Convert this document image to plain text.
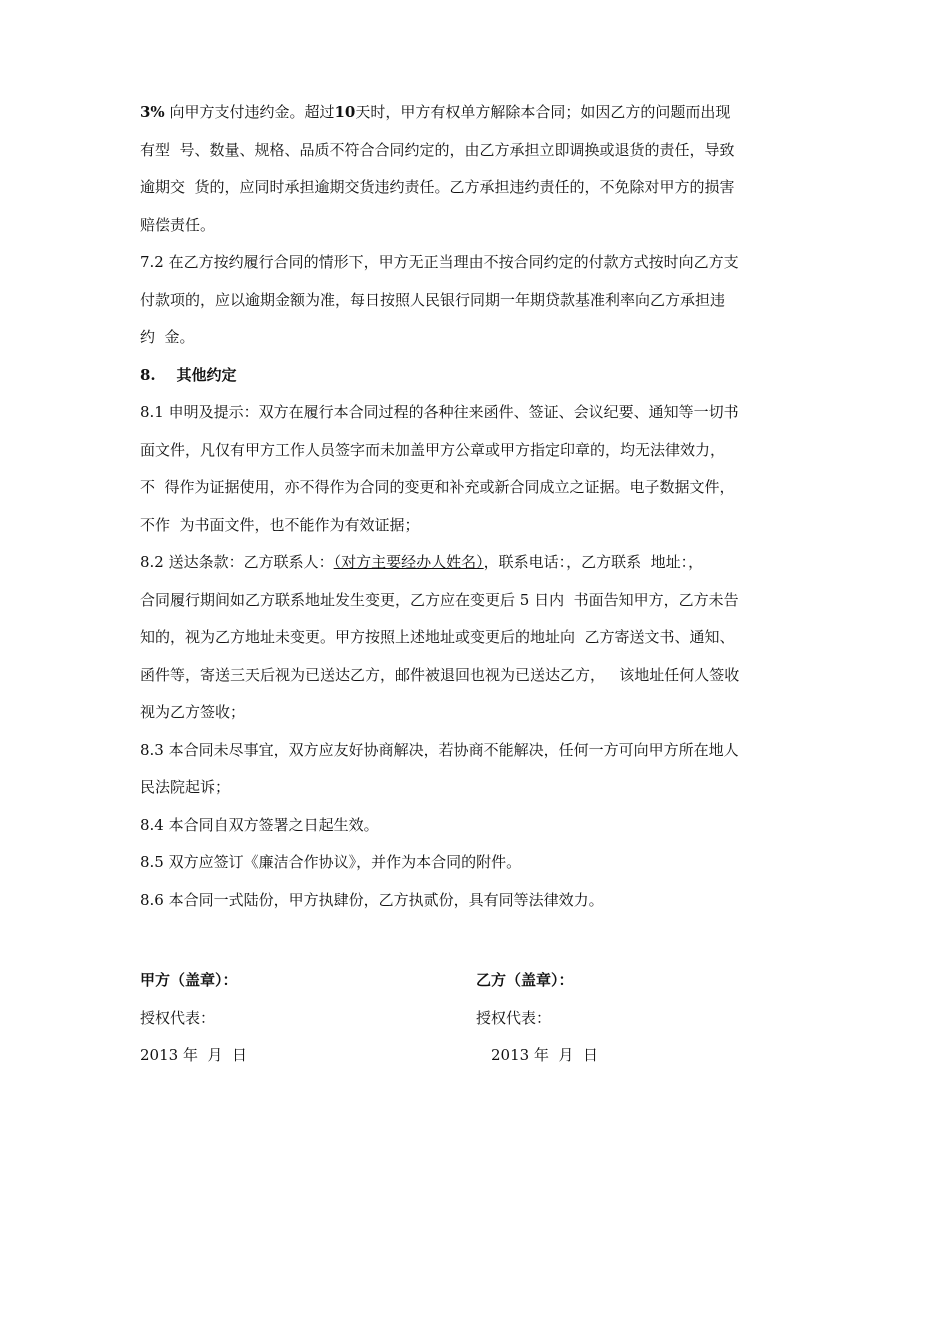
3% 向甲方支付违约金。超过10天时，甲方有权单方解除本合同；如因乙方的问题而出现
有型  号、数量、规格、品质不符合合同约定的，由乙方承担立即调换或退货的责任，导致
逾期交  货的，应同时承担逾期交货违约责任。乙方承担违约责任的，不免除对甲方的损害
赔偿责任。
7.2 在乙方按约履行合同的情形下，甲方无正当理由不按合同约定的付款方式按时向乙方支
付款项的，应以逾期金额为准，每日按照人民银行同期一年期贷款基准利率向乙方承担违
约  金。
8.    其他约定
8.1 申明及提示：双方在履行本合同过程的各种往来函件、签证、会议纪要、通知等一切书
面文件，凡仅有甲方工作人员签字而未加盖甲方公章或甲方指定印章的，均无法律效力，
不  得作为证据使用，亦不得作为合同的变更和补充或新合同成立之证据。电子数据文件，
不作  为书面文件，也不能作为有效证据；
8.2 送达条款：乙方联系人：（对方主要经办人姓名），联系电话：，乙方联系  地址：，
合同履行期间如乙方联系地址发生变更，乙方应在变更后 5 日内  书面告知甲方，乙方未告
知的，视为乙方地址未变更。甲方按照上述地址或变更后的地址向  乙方寄送文书、通知、
函件等，寄送三天后视为已送达乙方，邮件被退回也视为已送达乙方，   该地址任何人签收
视为乙方签收；
8.3 本合同未尽事宜，双方应友好协商解决，若协商不能解决，任何一方可向甲方所在地人
民法院起诉；
8.4 本合同自双方签署之日起生效。
8.5 双方应签订《廉洁合作协议》，并作为本合同的附件。
8.6 本合同一式陆份，甲方执肆份，乙方执贰份，具有同等法律效力。
甲方（盖章）：
授权代表：
2013 年  月  日
乙方（盖章）：
授权代表：
2013 年  月  日
